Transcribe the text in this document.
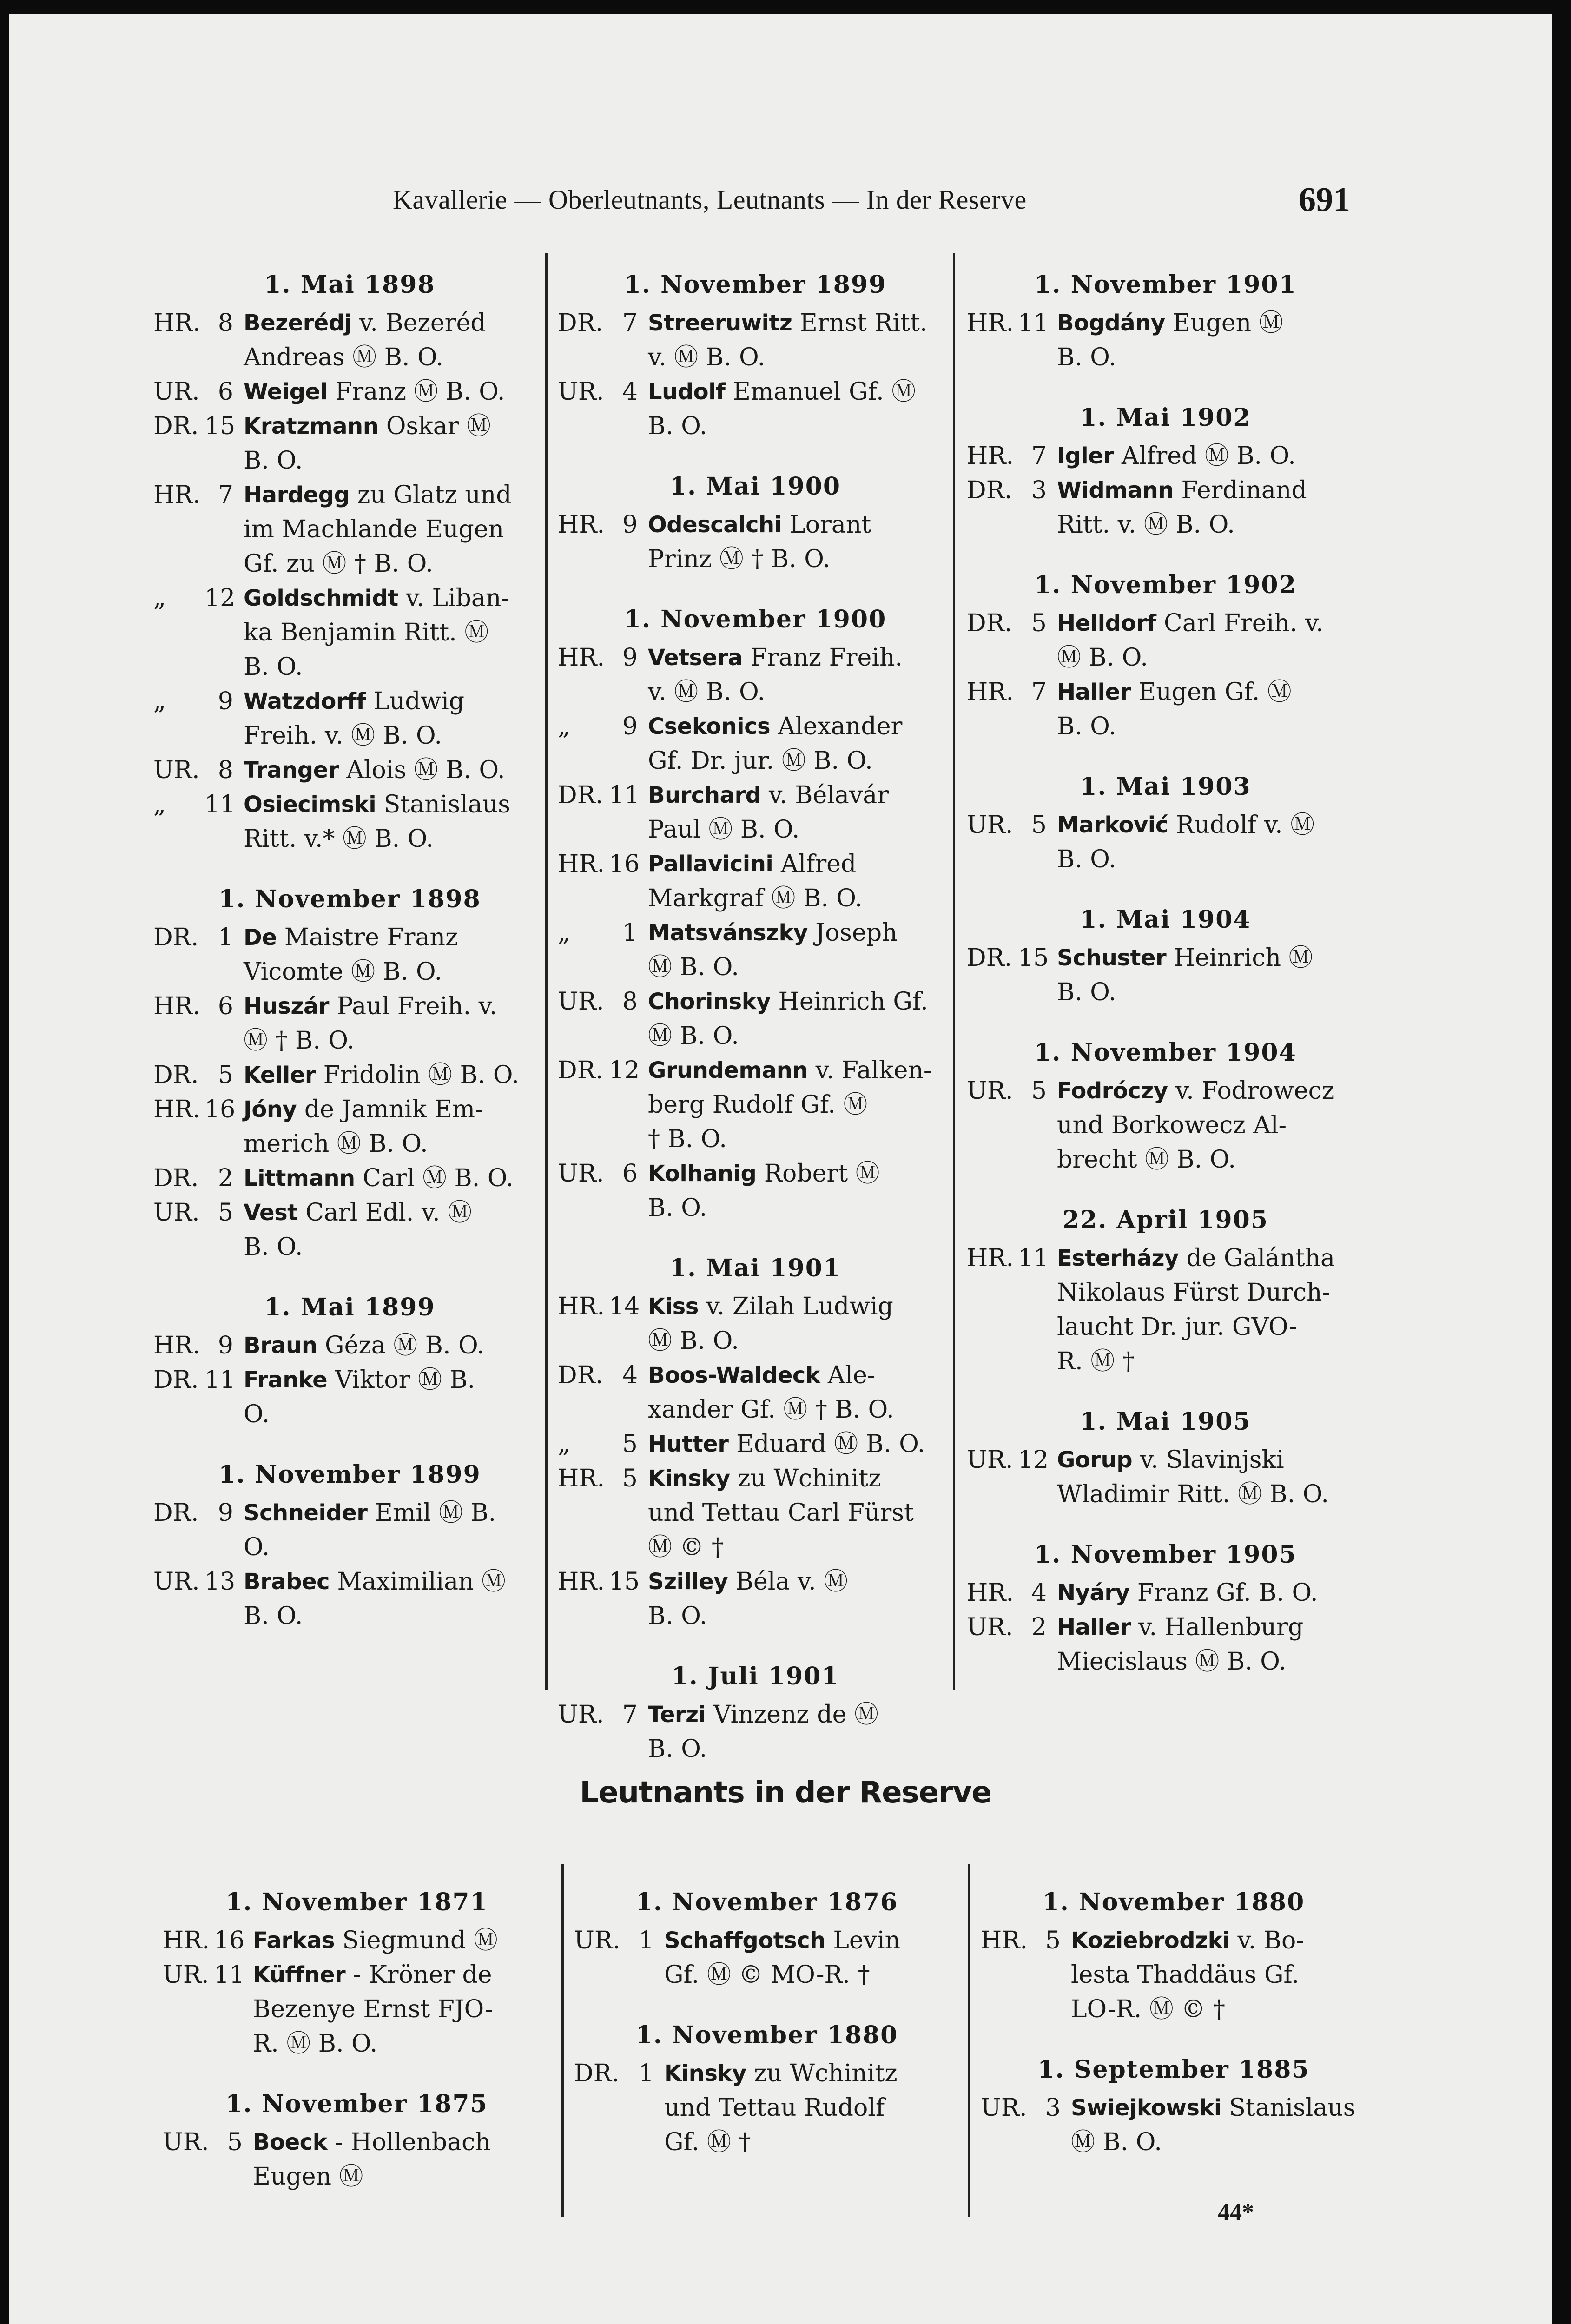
Kavallerie — Oberleutnants, Leutnants — In der Reserve	691
1. Mai 1898
HR. 8 Bezerédj v. Bezeréd
Andreas Ⓜ B. O.
UR. 6 Weigel Franz Ⓜ B. O.
DR. 15 Kratzmann Oskar Ⓜ
B. O.
HR. 7 Hardegg zu Glatz und
im Machlande Eugen
Gf. zu Ⓜ † B. O.
„	12 Goldschmidt v. Liban-
ka Benjamin Ritt. Ⓜ
B. O.
„	9 Watzdorff Ludwig
Freih. v. Ⓜ B. O.
UR. 8 Tranger Alois Ⓜ B. O.
„	11 Osiecimski Stanislaus
Ritt. v.* Ⓜ B. O.
1. November 1898
DR. 1 De Maistre Franz
Vicomte Ⓜ B. O.
HR. 6 Huszár Paul Freih. v.
Ⓜ † B. O.
DR. 5 Keller Fridolin Ⓜ B. O.
HR. 16 Jóny de Jamnik Em-
merich Ⓜ B. O.
DR. 2 Littmann Carl Ⓜ B. O.
UR. 5 Vest Carl Edl. v. Ⓜ
B. O.
1. Mai 1899
HR. 9 Braun Géza Ⓜ B. O.
DR. 11 Franke Viktor Ⓜ B.
O.
1. November 1899
DR. 9 Schneider Emil Ⓜ B.
O.
UR. 13 Brabec Maximilian Ⓜ
B. O.
1. November 1899
DR. 7 Streeruwitz Ernst Ritt.
v. Ⓜ B. O.
UR. 4 Ludolf Emanuel Gf. Ⓜ
B. O.
1. Mai 1900
HR. 9 Odescalchi Lorant
Prinz Ⓜ † B. O.
1. November 1900
HR. 9 Vetsera Franz Freih.
v. Ⓜ B. O.
„	9 Csekonics Alexander
Gf. Dr. jur. Ⓜ B. O.
DR. 11 Burchard v. Bélavár
Paul Ⓜ B. O.
HR. 16 Pallavicini Alfred
Markgraf Ⓜ B. O.
„	1 Matsvánszky Joseph
Ⓜ B. O.
UR. 8 Chorinsky Heinrich Gf.
Ⓜ B. O.
DR. 12 Grundemann v. Falken-
berg Rudolf Gf. Ⓜ
† B. O.
UR. 6 Kolhanig Robert Ⓜ
B. O.
1. Mai 1901
HR. 14 Kiss v. Zilah Ludwig
Ⓜ B. O.
DR. 4 Boos-Waldeck Ale-
xander Gf. Ⓜ † B. O.
„	5 Hutter Eduard Ⓜ B. O.
HR. 5 Kinsky zu Wchinitz
und Tettau Carl Fürst
Ⓜ © †
HR. 15 Szilley Béla v. Ⓜ
B. O.
1. Juli 1901
UR. 7 Terzi Vinzenz de Ⓜ
B. O.
1. November 1901
HR. 11 Bogdány Eugen Ⓜ
B. O.
1. Mai 1902
HR. 7 Igler Alfred Ⓜ B. O.
DR. 3 Widmann Ferdinand
Ritt. v. Ⓜ B. O.
1. November 1902
DR. 5 Helldorf Carl Freih. v.
Ⓜ B. O.
HR. 7 Haller Eugen Gf. Ⓜ
B. O.
1. Mai 1903
UR. 5 Marković Rudolf v. Ⓜ
B. O.
1. Mai 1904
DR. 15 Schuster Heinrich Ⓜ
B. O.
1. November 1904
UR. 5 Fodróczy v. Fodrowecz
und Borkowecz Al-
brecht Ⓜ B. O.
22. April 1905
HR. 11 Esterházy de Galántha
Nikolaus Fürst Durch-
laucht Dr. jur. GVO-
R. Ⓜ †
1. Mai 1905
UR. 12 Gorup v. Slavinjski
Wladimir Ritt. Ⓜ B. O.
1. November 1905
HR. 4 Nyáry Franz Gf. B. O.
UR. 2 Haller v. Hallenburg
Miecislaus Ⓜ B. O.
Leutnants in der Reserve
1. November 1871
HR. 16 Farkas Siegmund Ⓜ
UR. 11 Küffner - Kröner de
Bezenye Ernst FJO-
R. Ⓜ B. O.
1. November 1875
UR. 5 Boeck - Hollenbach
Eugen Ⓜ
1. November 1876
UR. 1 Schaffgotsch Levin
Gf. Ⓜ © MO-R. †
1. November 1880
DR. 1 Kinsky zu Wchinitz
und Tettau Rudolf
Gf. Ⓜ †
1. November 1880
HR. 5 Koziebrodzki v. Bo-
lesta Thaddäus Gf.
LO-R. Ⓜ © †
1. September 1885
UR. 3 Swiejkowski Stanislaus
Ⓜ B. O.
44*
